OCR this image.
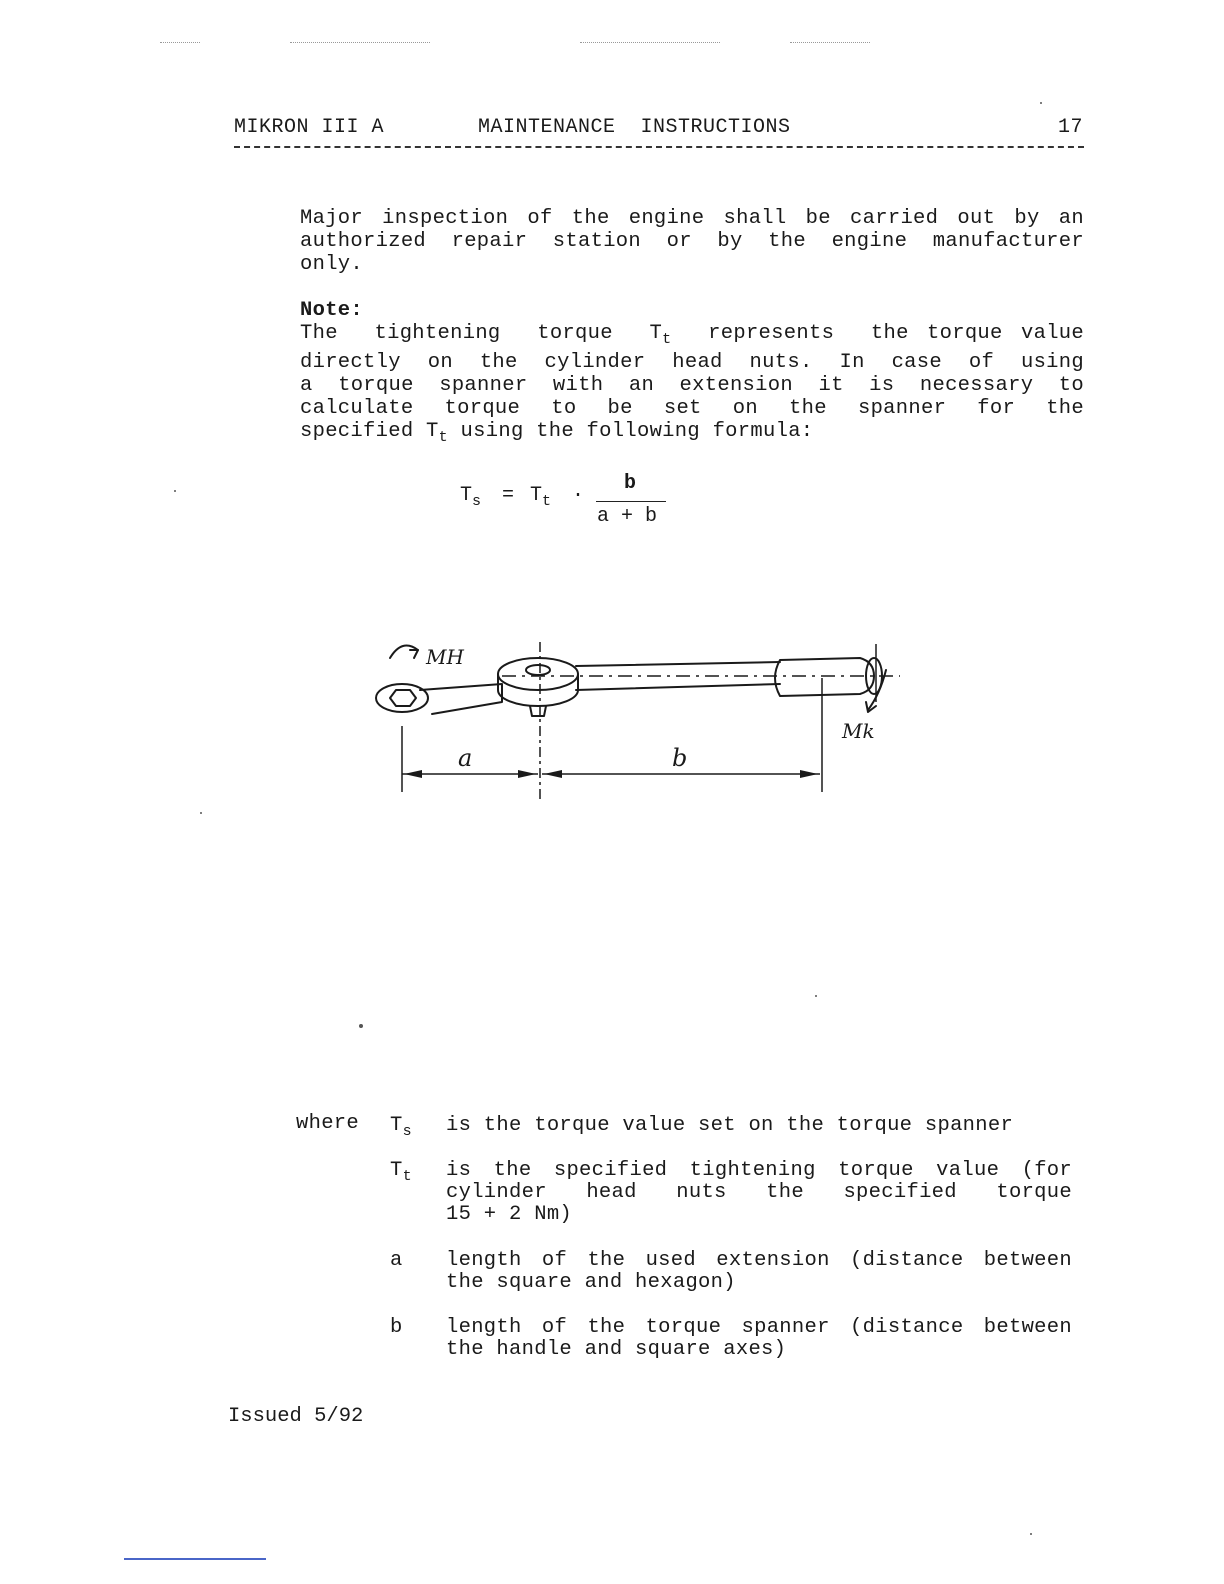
MIKRON III A	MAINTENANCE  INSTRUCTIONS	17
Major inspection of the engine shall be carried out by an
authorized repair station or by the engine manufacturer
only.
Note:
The  tightening  torque  $T_t$  represents  the torque value
directly on the cylinder head nuts. In case of using
a torque spanner with an extension it is necessary to
calculate torque to be set on the spanner for the
specified $T_t$ using the following formula:
$T_s = T_t$ ·
b
a + b
MH
Mk
a	b
where $T_s$ is the torque value set on the torque spanner
$T_t$ is the specified tightening torque value (for
cylinder head nuts the specified torque
15 + 2 Nm)
a length of the used extension (distance between
the square and hexagon)
b length of the torque spanner (distance between
the handle and square axes)
Issued 5/92
